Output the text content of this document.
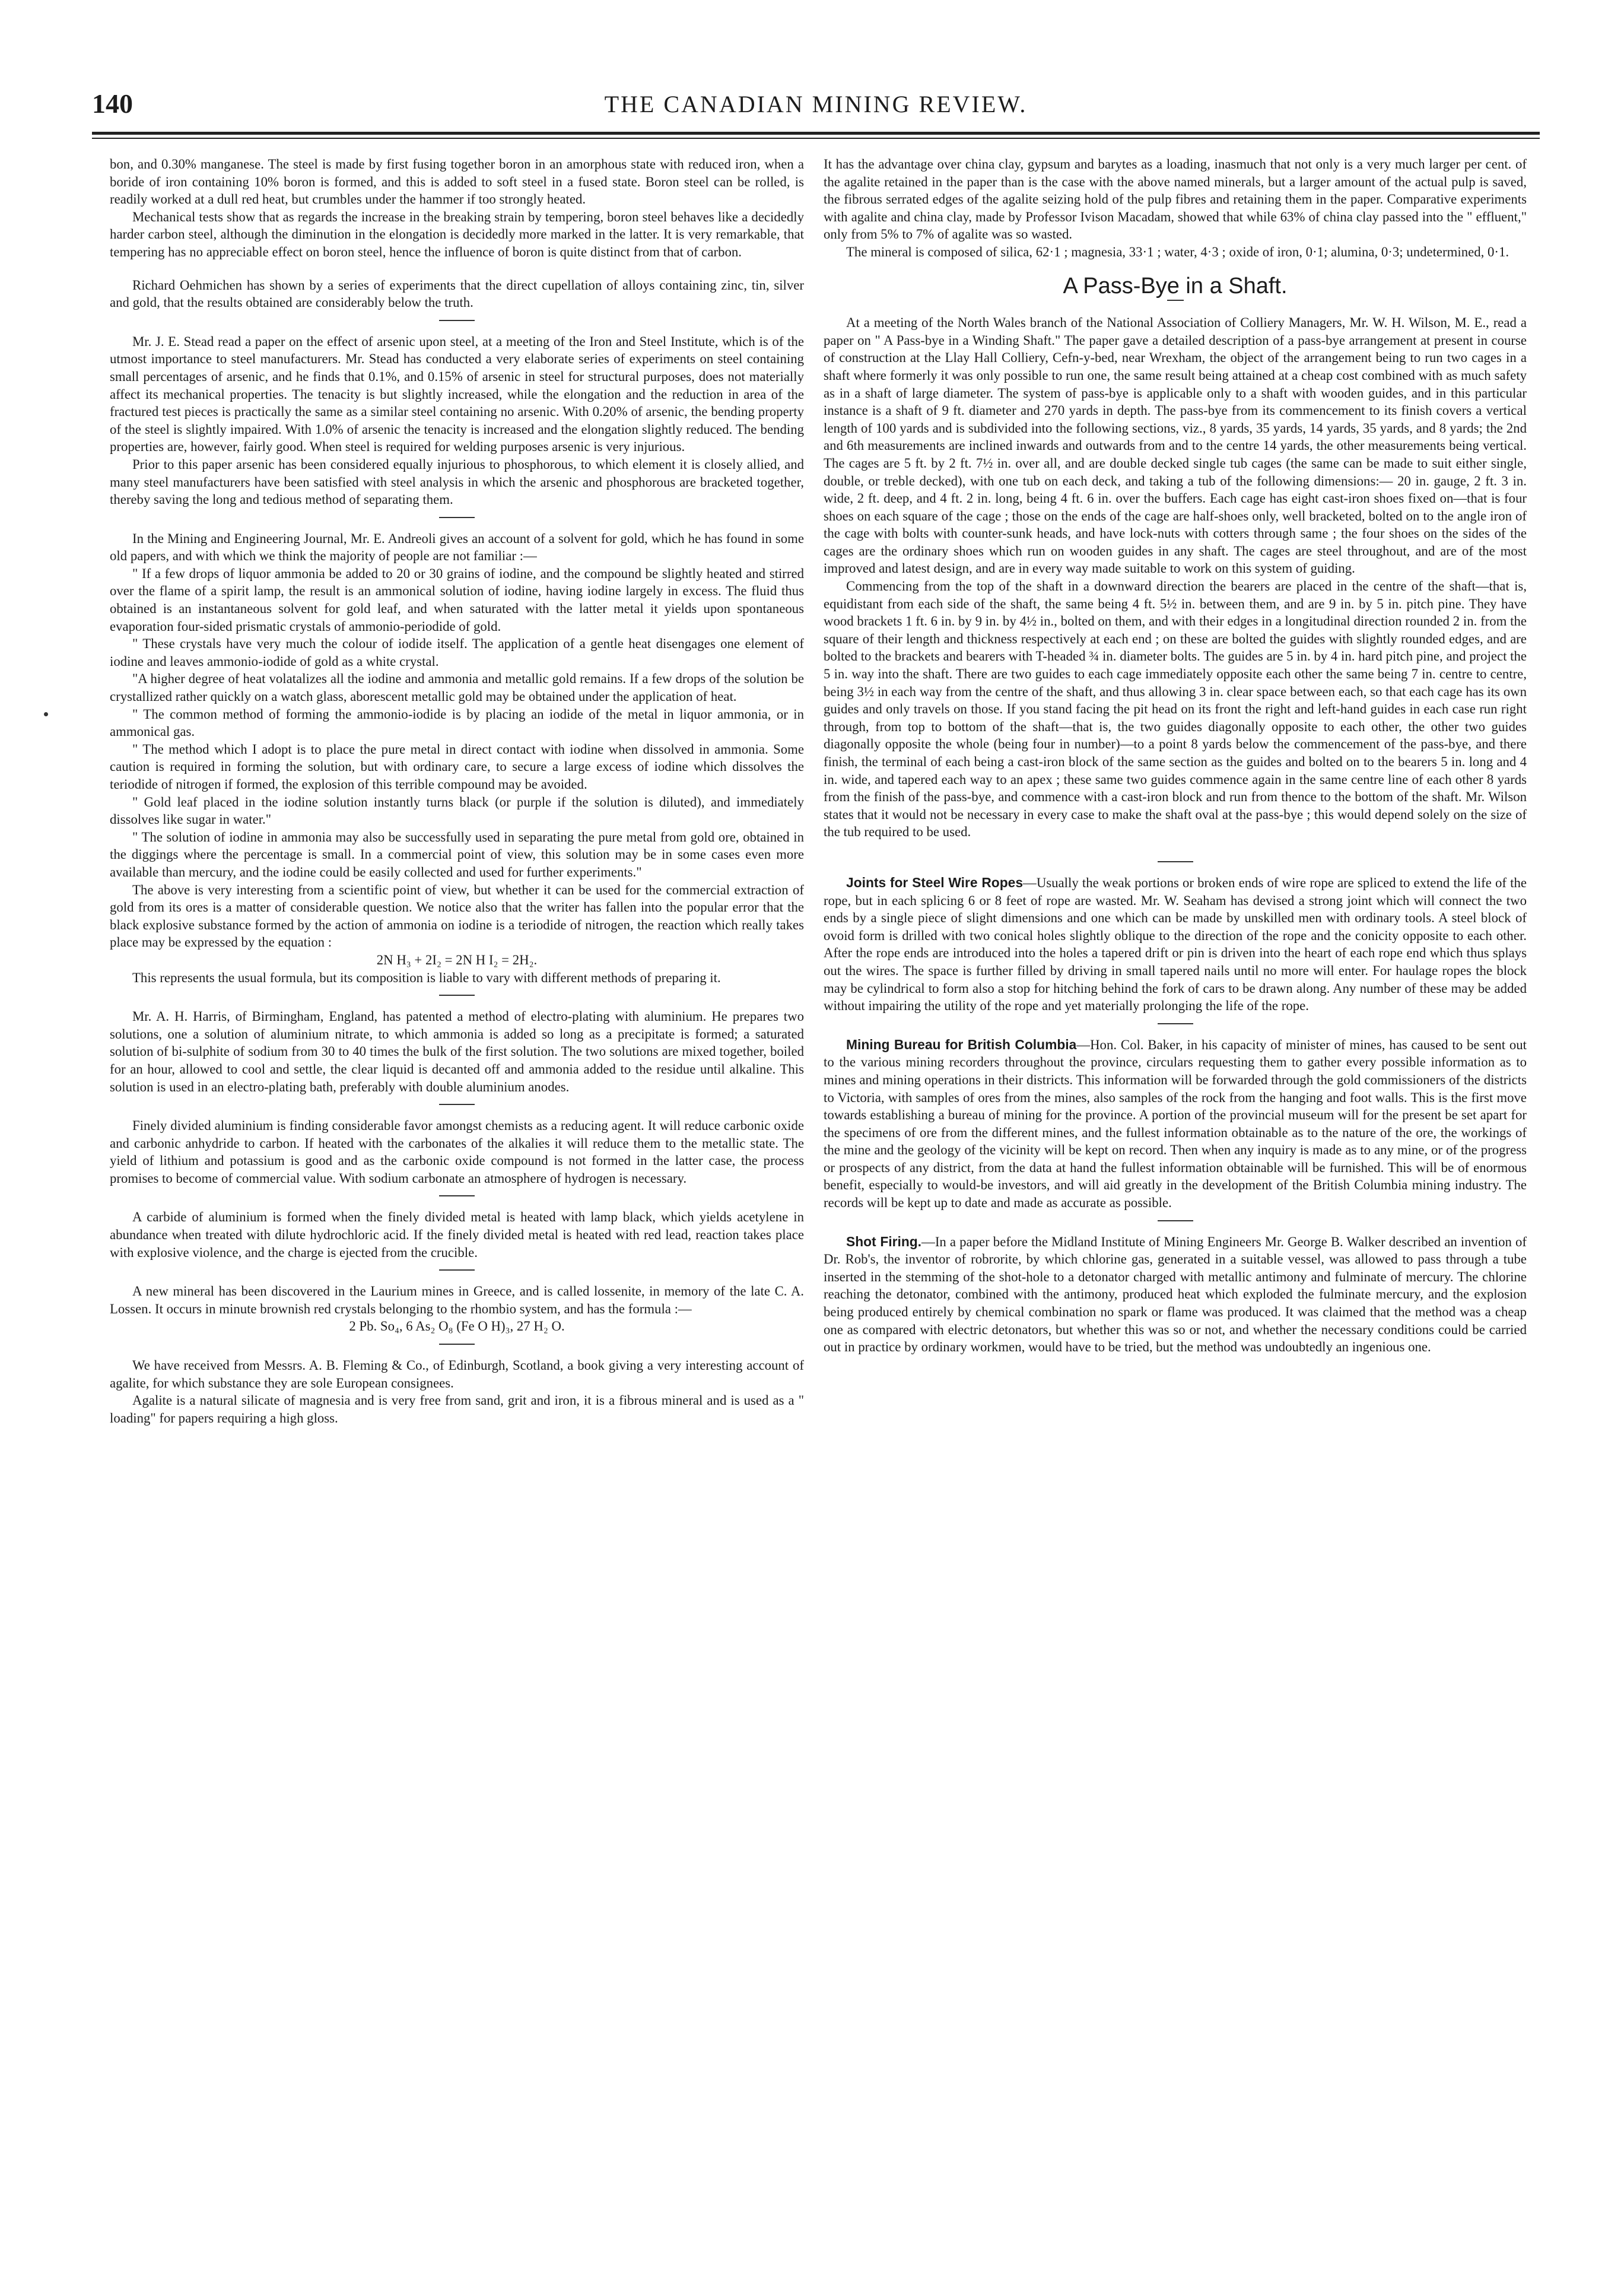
140	THE CANADIAN MINING REVIEW.

bon, and 0.30% manganese. The steel is made by first fusing together boron in an amorphous state with reduced iron, when a boride of iron containing 10% boron is formed, and this is added to soft steel in a fused state. Boron steel can be rolled, is readily worked at a dull red heat, but crumbles under the hammer if too strongly heated.

Mechanical tests show that as regards the increase in the breaking strain by tempering, boron steel behaves like a decidedly harder carbon steel, although the diminution in the elongation is decidedly more marked in the latter. It is very remarkable, that tempering has no appreciable effect on boron steel, hence the influence of boron is quite distinct from that of carbon.

Richard Oehmichen has shown by a series of experiments that the direct cupellation of alloys containing zinc, tin, silver and gold, that the results obtained are considerably below the truth.

Mr. J. E. Stead read a paper on the effect of arsenic upon steel, at a meeting of the Iron and Steel Institute, which is of the utmost importance to steel manufacturers. Mr. Stead has conducted a very elaborate series of experiments on steel containing small percentages of arsenic, and he finds that 0.1%, and 0.15% of arsenic in steel for structural purposes, does not materially affect its mechanical properties. The tenacity is but slightly increased, while the elongation and the reduction in area of the fractured test pieces is practically the same as a similar steel containing no arsenic. With 0.20% of arsenic, the bending property of the steel is slightly impaired. With 1.0% of arsenic the tenacity is increased and the elongation slightly reduced. The bending properties are, however, fairly good. When steel is required for welding purposes arsenic is very injurious.

Prior to this paper arsenic has been considered equally injurious to phosphorous, to which element it is closely allied, and many steel manufacturers have been satisfied with steel analysis in which the arsenic and phosphorous are bracketed together, thereby saving the long and tedious method of separating them.

In the Mining and Engineering Journal, Mr. E. Andreoli gives an account of a solvent for gold, which he has found in some old papers, and with which we think the majority of people are not familiar :—

" If a few drops of liquor ammonia be added to 20 or 30 grains of iodine, and the compound be slightly heated and stirred over the flame of a spirit lamp, the result is an ammonical solution of iodine, having iodine largely in excess. The fluid thus obtained is an instantaneous solvent for gold leaf, and when saturated with the latter metal it yields upon spontaneous evaporation four-sided prismatic crystals of ammonio-periodide of gold.

" These crystals have very much the colour of iodide itself. The application of a gentle heat disengages one element of iodine and leaves ammonio-iodide of gold as a white crystal.

"A higher degree of heat volatalizes all the iodine and ammonia and metallic gold remains. If a few drops of the solution be crystallized rather quickly on a watch glass, aborescent metallic gold may be obtained under the application of heat.

" The common method of forming the ammonio-iodide is by placing an iodide of the metal in liquor ammonia, or in ammonical gas.

" The method which I adopt is to place the pure metal in direct contact with iodine when dissolved in ammonia. Some caution is required in forming the solution, but with ordinary care, to secure a large excess of iodine which dissolves the teriodide of nitrogen if formed, the explosion of this terrible compound may be avoided.

" Gold leaf placed in the iodine solution instantly turns black (or purple if the solution is diluted), and immediately dissolves like sugar in water."

" The solution of iodine in ammonia may also be successfully used in separating the pure metal from gold ore, obtained in the diggings where the percentage is small. In a commercial point of view, this solution may be in some cases even more available than mercury, and the iodine could be easily collected and used for further experiments."

The above is very interesting from a scientific point of view, but whether it can be used for the commercial extraction of gold from its ores is a matter of considerable question. We notice also that the writer has fallen into the popular error that the black explosive substance formed by the action of ammonia on iodine is a teriodide of nitrogen, the reaction which really takes place may be expressed by the equation :

2N H₃ + 2I₂ = 2N H I₂ = 2H₂.

This represents the usual formula, but its composition is liable to vary with different methods of preparing it.

Mr. A. H. Harris, of Birmingham, England, has patented a method of electro-plating with aluminium. He prepares two solutions, one a solution of aluminium nitrate, to which ammonia is added so long as a precipitate is formed; a saturated solution of bi-sulphite of sodium from 30 to 40 times the bulk of the first solution. The two solutions are mixed together, boiled for an hour, allowed to cool and settle, the clear liquid is decanted off and ammonia added to the residue until alkaline. This solution is used in an electro-plating bath, preferably with double aluminium anodes.

Finely divided aluminium is finding considerable favor amongst chemists as a reducing agent. It will reduce carbonic oxide and carbonic anhydride to carbon. If heated with the carbonates of the alkalies it will reduce them to the metallic state. The yield of lithium and potassium is good and as the carbonic oxide compound is not formed in the latter case, the process promises to become of commercial value. With sodium carbonate an atmosphere of hydrogen is necessary.

A carbide of aluminium is formed when the finely divided metal is heated with lamp black, which yields acetylene in abundance when treated with dilute hydrochloric acid. If the finely divided metal is heated with red lead, reaction takes place with explosive violence, and the charge is ejected from the crucible.

A new mineral has been discovered in the Laurium mines in Greece, and is called lossenite, in memory of the late C. A. Lossen. It occurs in minute brownish red crystals belonging to the rhombio system, and has the formula :—

2 Pb. So₄, 6 As₂ O₈ (Fe O H)₃, 27 H₂ O.

We have received from Messrs. A. B. Fleming & Co., of Edinburgh, Scotland, a book giving a very interesting account of agalite, for which substance they are sole European consignees.

Agalite is a natural silicate of magnesia and is very free from sand, grit and iron, it is a fibrous mineral and is used as a " loading" for papers requiring a high gloss.

It has the advantage over china clay, gypsum and barytes as a loading, inasmuch that not only is a very much larger per cent. of the agalite retained in the paper than is the case with the above named minerals, but a larger amount of the actual pulp is saved, the fibrous serrated edges of the agalite seizing hold of the pulp fibres and retaining them in the paper. Comparative experiments with agalite and china clay, made by Professor Ivison Macadam, showed that while 63% of china clay passed into the " effluent," only from 5% to 7% of agalite was so wasted.

The mineral is composed of silica, 62·1 ; magnesia, 33·1 ; water, 4·3 ; oxide of iron, 0·1; alumina, 0·3; undetermined, 0·1.

A Pass-Bye in a Shaft.

At a meeting of the North Wales branch of the National Association of Colliery Managers, Mr. W. H. Wilson, M. E., read a paper on " A Pass-bye in a Winding Shaft." The paper gave a detailed description of a pass-bye arrangement at present in course of construction at the Llay Hall Colliery, Cefn-y-bed, near Wrexham, the object of the arrangement being to run two cages in a shaft where formerly it was only possible to run one, the same result being attained at a cheap cost combined with as much safety as in a shaft of large diameter. The system of pass-bye is applicable only to a shaft with wooden guides, and in this particular instance is a shaft of 9 ft. diameter and 270 yards in depth. The pass-bye from its commencement to its finish covers a vertical length of 100 yards and is subdivided into the following sections, viz., 8 yards, 35 yards, 14 yards, 35 yards, and 8 yards; the 2nd and 6th measurements are inclined inwards and outwards from and to the centre 14 yards, the other measurements being vertical. The cages are 5 ft. by 2 ft. 7½ in. over all, and are double decked single tub cages (the same can be made to suit either single, double, or treble decked), with one tub on each deck, and taking a tub of the following dimensions:— 20 in. gauge, 2 ft. 3 in. wide, 2 ft. deep, and 4 ft. 2 in. long, being 4 ft. 6 in. over the buffers. Each cage has eight cast-iron shoes fixed on—that is four shoes on each square of the cage ; those on the ends of the cage are half-shoes only, well bracketed, bolted on to the angle iron of the cage with bolts with counter-sunk heads, and have lock-nuts with cotters through same ; the four shoes on the sides of the cages are the ordinary shoes which run on wooden guides in any shaft. The cages are steel throughout, and are of the most improved and latest design, and are in every way made suitable to work on this system of guiding.

Commencing from the top of the shaft in a downward direction the bearers are placed in the centre of the shaft—that is, equidistant from each side of the shaft, the same being 4 ft. 5½ in. between them, and are 9 in. by 5 in. pitch pine. They have wood brackets 1 ft. 6 in. by 9 in. by 4½ in., bolted on them, and with their edges in a longitudinal direction rounded 2 in. from the square of their length and thickness respectively at each end ; on these are bolted the guides with slightly rounded edges, and are bolted to the brackets and bearers with T-headed ¾ in. diameter bolts. The guides are 5 in. by 4 in. hard pitch pine, and project the 5 in. way into the shaft. There are two guides to each cage immediately opposite each other the same being 7 in. centre to centre, being 3½ in each way from the centre of the shaft, and thus allowing 3 in. clear space between each, so that each cage has its own guides and only travels on those. If you stand facing the pit head on its front the right and left-hand guides in each case run right through, from top to bottom of the shaft—that is, the two guides diagonally opposite to each other, the other two guides diagonally opposite the whole (being four in number)—to a point 8 yards below the commencement of the pass-bye, and there finish, the terminal of each being a cast-iron block of the same section as the guides and bolted on to the bearers 5 in. long and 4 in. wide, and tapered each way to an apex ; these same two guides commence again in the same centre line of each other 8 yards from the finish of the pass-bye, and commence with a cast-iron block and run from thence to the bottom of the shaft. Mr. Wilson states that it would not be necessary in every case to make the shaft oval at the pass-bye ; this would depend solely on the size of the tub required to be used.

Joints for Steel Wire Ropes—Usually the weak portions or broken ends of wire rope are spliced to extend the life of the rope, but in each splicing 6 or 8 feet of rope are wasted. Mr. W. Seaham has devised a strong joint which will connect the two ends by a single piece of slight dimensions and one which can be made by unskilled men with ordinary tools. A steel block of ovoid form is drilled with two conical holes slightly oblique to the direction of the rope and the conicity opposite to each other. After the rope ends are introduced into the holes a tapered drift or pin is driven into the heart of each rope end which thus splays out the wires. The space is further filled by driving in small tapered nails until no more will enter. For haulage ropes the block may be cylindrical to form also a stop for hitching behind the fork of cars to be drawn along. Any number of these may be added without impairing the utility of the rope and yet materially prolonging the life of the rope.

Mining Bureau for British Columbia—Hon. Col. Baker, in his capacity of minister of mines, has caused to be sent out to the various mining recorders throughout the province, circulars requesting them to gather every possible information as to mines and mining operations in their districts. This information will be forwarded through the gold commissioners of the districts to Victoria, with samples of ores from the mines, also samples of the rock from the hanging and foot walls. This is the first move towards establishing a bureau of mining for the province. A portion of the provincial museum will for the present be set apart for the specimens of ore from the different mines, and the fullest information obtainable as to the nature of the ore, the workings of the mine and the geology of the vicinity will be kept on record. Then when any inquiry is made as to any mine, or of the progress or prospects of any district, from the data at hand the fullest information obtainable will be furnished. This will be of enormous benefit, especially to would-be investors, and will aid greatly in the development of the British Columbia mining industry. The records will be kept up to date and made as accurate as possible.

Shot Firing.—In a paper before the Midland Institute of Mining Engineers Mr. George B. Walker described an invention of Dr. Rob's, the inventor of robrorite, by which chlorine gas, generated in a suitable vessel, was allowed to pass through a tube inserted in the stemming of the shot-hole to a detonator charged with metallic antimony and fulminate of mercury. The chlorine reaching the detonator, combined with the antimony, produced heat which exploded the fulminate mercury, and the explosion being produced entirely by chemical combination no spark or flame was produced. It was claimed that the method was a cheap one as compared with electric detonators, but whether this was so or not, and whether the necessary conditions could be carried out in practice by ordinary workmen, would have to be tried, but the method was undoubtedly an ingenious one.
